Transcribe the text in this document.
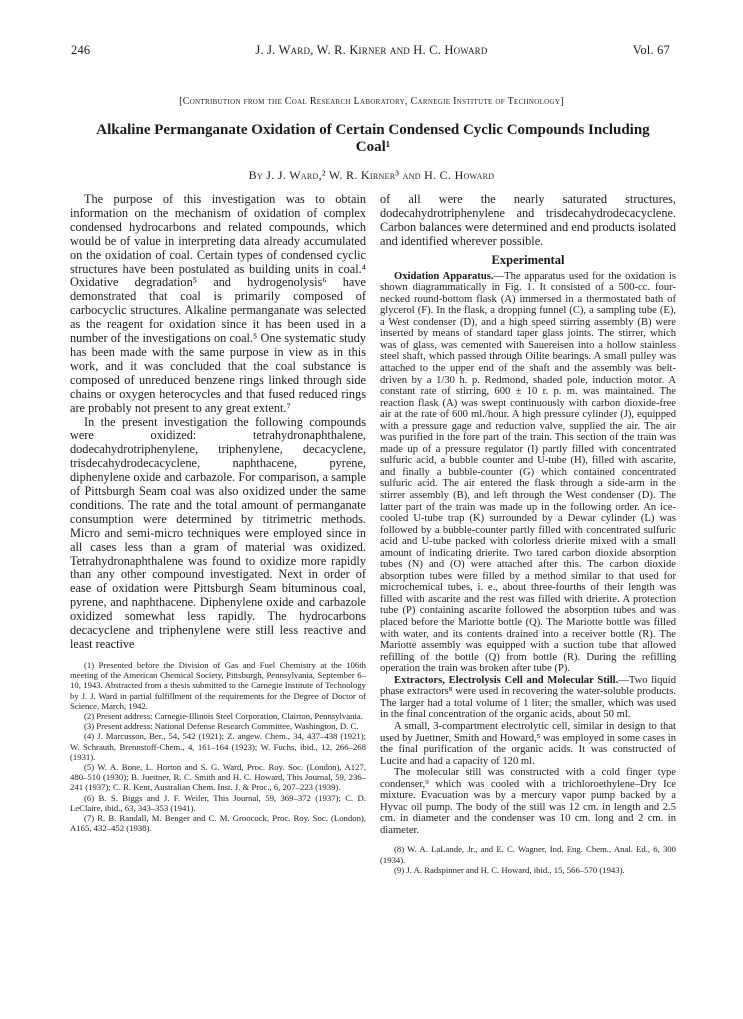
246	J. J. Ward, W. R. Kirner and H. C. Howard	Vol. 67
[Contribution from the Coal Research Laboratory, Carnegie Institute of Technology]
Alkaline Permanganate Oxidation of Certain Condensed Cyclic Compounds Including
Coal¹
By J. J. Ward,² W. R. Kirner³ and H. C. Howard

The purpose of this investigation was to obtain information on the mechanism of oxidation of complex condensed hydrocarbons and related compounds, which would be of value in interpreting data already accumulated on the oxidation of coal. Certain types of condensed cyclic structures have been postulated as building units in coal.⁴ Oxidative degradation⁵ and hydrogenolysis⁶ have demonstrated that coal is primarily composed of carbocyclic structures. Alkaline permanganate was selected as the reagent for oxidation since it has been used in a number of the investigations on coal.⁵ One systematic study has been made with the same purpose in view as in this work, and it was concluded that the coal substance is composed of unreduced benzene rings linked through side chains or oxygen heterocycles and that fused reduced rings are probably not present to any great extent.⁷

In the present investigation the following compounds were oxidized: tetrahydronaphthalene, dodecahydrotriphenylene, triphenylene, decacyclene, trisdecahydrodecacyclene, naphthacene, pyrene, diphenylene oxide and carbazole. For comparison, a sample of Pittsburgh Seam coal was also oxidized under the same conditions. The rate and the total amount of permanganate consumption were determined by titrimetric methods. Micro and semi-micro techniques were employed since in all cases less than a gram of material was oxidized. Tetrahydronaphthalene was found to oxidize more rapidly than any other compound investigated. Next in order of ease of oxidation were Pittsburgh Seam bituminous coal, pyrene, and naphthacene. Diphenylene oxide and carbazole oxidized somewhat less rapidly. The hydrocarbons decacyclene and triphenylene were still less reactive and least reactive

(1) Presented before the Division of Gas and Fuel Chemistry at the 106th meeting of the American Chemical Society, Pittsburgh, Pennsylvania, September 6–10, 1943. Abstracted from a thesis submitted to the Carnegie Institute of Technology by J. J. Ward in partial fulfillment of the requirements for the Degree of Doctor of Science, March, 1942.

(2) Present address: Carnegie-Illinois Steel Corporation, Clairton, Pennsylvania.

(3) Present address: National Defense Research Committee, Washington, D. C.

(4) J. Marcusson, Ber., 54, 542 (1921); Z. angew. Chem., 34, 437–438 (1921); W. Schrauth, Brennstoff-Chem., 4, 161–164 (1923); W. Fuchs, ibid., 12, 266–268 (1931).

(5) W. A. Bone, L. Horton and S. G. Ward, Proc. Roy. Soc. (London), A127, 480–510 (1930); B. Juettner, R. C. Smith and H. C. Howard, This Journal, 59, 236–241 (1937); C. R. Kent, Australian Chem. Inst. J. & Proc., 6, 207–223 (1939).

(6) B. S. Biggs and J. F. Weiler, This Journal, 59, 369–372 (1937); C. D. LeClaire, ibid., 63, 343–353 (1941).

(7) R. B. Randall, M. Benger and C. M. Groocock, Proc. Roy. Soc. (London), A165, 432–452 (1938).

of all were the nearly saturated structures, dodecahydrotriphenylene and trisdecahydrodecacyclene. Carbon balances were determined and end products isolated and identified wherever possible.

Experimental

Oxidation Apparatus.—The apparatus used for the oxidation is shown diagrammatically in Fig. 1. It consisted of a 500-cc. four-necked round-bottom flask (A) immersed in a thermostated bath of glycerol (F). In the flask, a dropping funnel (C), a sampling tube (E), a West condenser (D), and a high speed stirring assembly (B) were inserted by means of standard taper glass joints. The stirrer, which was of glass, was cemented with Sauereisen into a hollow stainless steel shaft, which passed through Oilite bearings. A small pulley was attached to the upper end of the shaft and the assembly was belt-driven by a 1/30 h. p. Redmond, shaded pole, induction motor. A constant rate of stirring, 600 ± 10 r. p. m. was maintained. The reaction flask (A) was swept continuously with carbon dioxide-free air at the rate of 600 ml./hour. A high pressure cylinder (J), equipped with a pressure gage and reduction valve, supplied the air. The air was purified in the fore part of the train. This section of the train was made up of a pressure regulator (I) partly filled with concentrated sulfuric acid, a bubble counter and U-tube (H), filled with ascarite, and finally a bubble-counter (G) which contained concentrated sulfuric acid. The air entered the flask through a side-arm in the stirrer assembly (B), and left through the West condenser (D). The latter part of the train was made up in the following order. An ice-cooled U-tube trap (K) surrounded by a Dewar cylinder (L) was followed by a bubble-counter partly filled with concentrated sulfuric acid and U-tube packed with colorless drierite mixed with a small amount of indicating drierite. Two tared carbon dioxide absorption tubes (N) and (O) were attached after this. The carbon dioxide absorption tubes were filled by a method similar to that used for microchemical tubes, i. e., about three-fourths of their length was filled with ascarite and the rest was filled with drierite. A protection tube (P) containing ascarite followed the absorption tubes and was placed before the Mariotte bottle (Q). The Mariotte bottle was filled with water, and its contents drained into a receiver bottle (R). The Mariotte assembly was equipped with a suction tube that allowed refilling of the bottle (Q) from bottle (R). During the refilling operation the train was broken after tube (P).

Extractors, Electrolysis Cell and Molecular Still.—Two liquid phase extractors⁸ were used in recovering the water-soluble products. The larger had a total volume of 1 liter; the smaller, which was used in the final concentration of the organic acids, about 50 ml.

A small, 3-compartment electrolytic cell, similar in design to that used by Juettner, Smith and Howard,⁵ was employed in some cases in the final purification of the organic acids. It was constructed of Lucite and had a capacity of 120 ml.

The molecular still was constructed with a cold finger type condenser,⁹ which was cooled with a trichloroethylene–Dry Ice mixture. Evacuation was by a mercury vapor pump backed by a Hyvac oil pump. The body of the still was 12 cm. in length and 2.5 cm. in diameter and the condenser was 10 cm. long and 2 cm. in diameter.

(8) W. A. LaLande, Jr., and E. C. Wagner, Ind. Eng. Chem., Anal. Ed., 6, 300 (1934).

(9) J. A. Radspinner and H. C. Howard, ibid., 15, 566–570 (1943).
